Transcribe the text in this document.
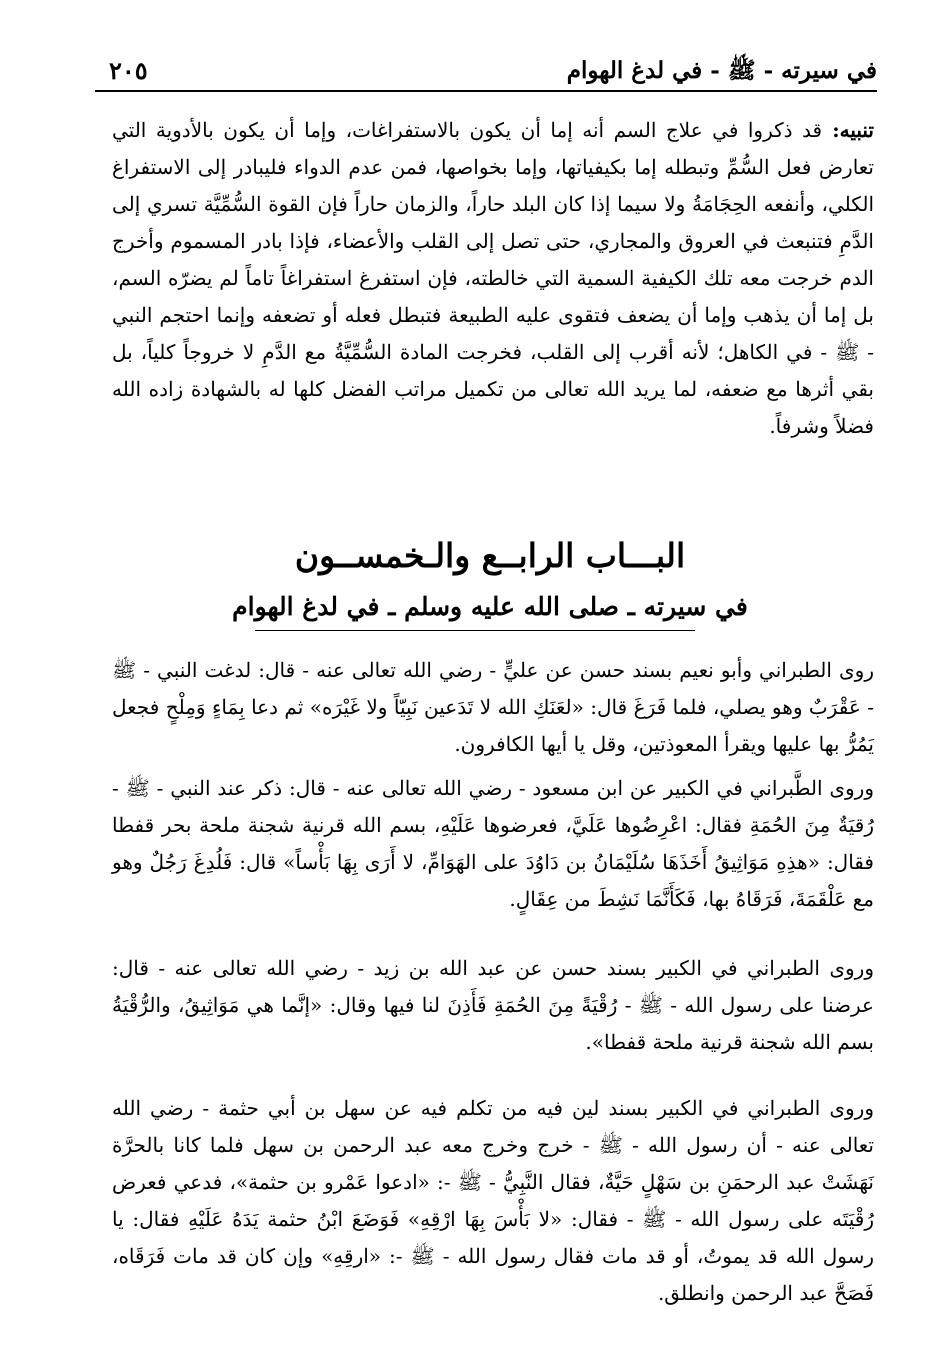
في سيرته - ﷺ - في لدغ الهوام
٢٠٥

تنبيه: قد ذكروا في علاج السم أنه إما أن يكون بالاستفراغات، وإما أن يكون بالأدوية التي تعارض فعل السُّمِّ وتبطله إما بكيفياتها، وإما بخواصها، فمن عدم الدواء فليبادر إلى الاستفراغ الكلي، وأنفعه الحِجَامَةُ ولا سيما إذا كان البلد حاراً، والزمان حاراً فإن القوة السُّمِّيَّة تسري إلى الدَّمِ فتنبعث في العروق والمجاري، حتى تصل إلى القلب والأعضاء، فإذا بادر المسموم وأخرج الدم خرجت معه تلك الكيفية السمية التي خالطته، فإن استفرغ استفراغاً تاماً لم يضرّه السم، بل إما أن يذهب وإما أن يضعف فتقوى عليه الطبيعة فتبطل فعله أو تضعفه وإنما احتجم النبي - ﷺ - في الكاهل؛ لأنه أقرب إلى القلب، فخرجت المادة السُّمِّيَّةُ مع الدَّمِ لا خروجاً كلياً، بل بقي أثرها مع ضعفه، لما يريد الله تعالى من تكميل مراتب الفضل كلها له بالشهادة زاده الله فضلاً وشرفاً.

البـــاب الرابــع والـخمســون
في سيرته ـ صلى الله عليه وسلم ـ في لدغ الهوام

روى الطبراني وأبو نعيم بسند حسن عن عليٍّ - رضي الله تعالى عنه - قال: لدغت النبي - ﷺ - عَقْرَبٌ وهو يصلي، فلما فَرَغَ قال: «لعَنَكِ الله لا تَدَعين نَبِيّاً ولا غَيْرَه» ثم دعا بِمَاءٍ وَمِلْحٍ فجعل يَمُرُّ بها عليها ويقرأ المعوذتين، وقل يا أيها الكافرون.

وروى الطَّبراني في الكبير عن ابن مسعود - رضي الله تعالى عنه - قال: ذكر عند النبي - ﷺ - رُقيَةٌ مِنَ الحُمَةِ فقال: اعْرِضُوها عَلَيَّ، فعرضوها عَلَيْهِ، بسم الله قرنية شجنة ملحة بحر قفطا فقال: «هذِهِ مَوَاثِيقُ أَخَذَهَا سُلَيْمَانُ بن دَاوُدَ على الهَوَامِّ، لا أَرَى بِهَا بَأْساً» قال: فَلُدِغَ رَجُلٌ وهو مع عَلْقَمَةَ، فَرَقَاهُ بها، فَكَأَنَّمَا نَشِطَ من عِقَالٍ.

وروى الطبراني في الكبير بسند حسن عن عبد الله بن زيد - رضي الله تعالى عنه - قال: عرضنا على رسول الله - ﷺ - رُقْيَةً مِنَ الحُمَةِ فَأَذِنَ لنا فيها وقال: «إنَّما هي مَوَاثِيقُ، والرُّقْيَةُ بسم الله شجنة قرنية ملحة قفطا».

وروى الطبراني في الكبير بسند لين فيه من تكلم فيه عن سهل بن أبي حثمة - رضي الله تعالى عنه - أن رسول الله - ﷺ - خرج وخرج معه عبد الرحمن بن سهل فلما كانا بالحرَّة نَهَشَتْ عبد الرحمَنِ بن سَهْلٍ حَيَّةٌ، فقال النَّبِيُّ - ﷺ -: «ادعوا عَمْرو بن حثمة»، فدعي فعرض رُقْيَتَه على رسول الله - ﷺ - فقال: «لا بَأْسَ بِهَا ارْقِهِ» فَوَضَعَ ابْنُ حثمة يَدَهُ عَلَيْهِ فقال: يا رسول الله قد يموتُ، أو قد مات فقال رسول الله - ﷺ -: «ارقِهِ» وإن كان قد مات فَرَقَاه، فَصَحَّ عبد الرحمن وانطلق.
